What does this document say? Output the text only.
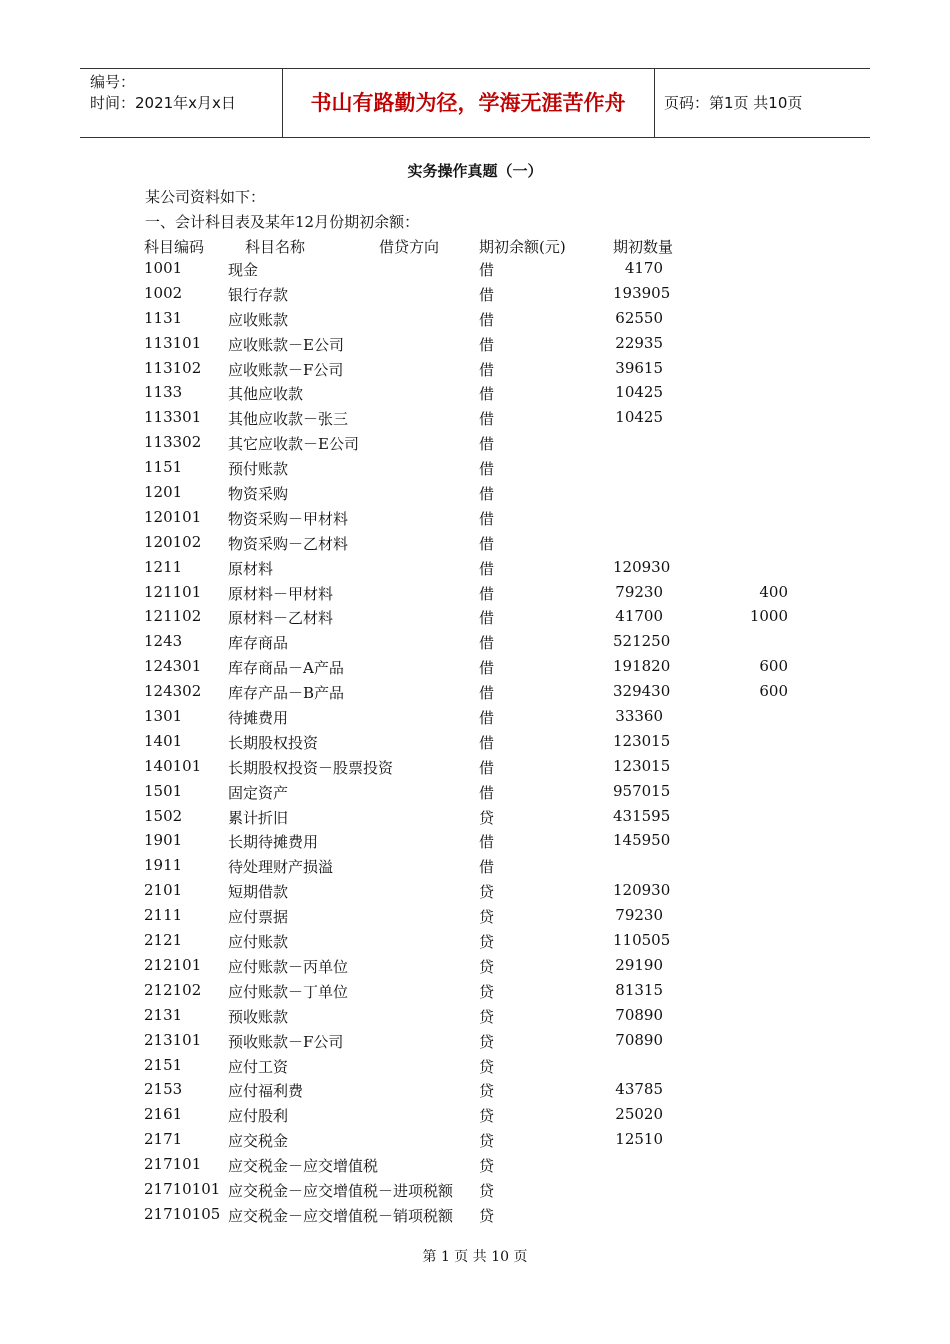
编号：
时间：2021年x月x日	书山有路勤为径，学海无涯苦作舟	页码：第1页 共10页
实务操作真题（一）
某公司资料如下：
一、会计科目表及某年12月份期初余额：
科目编码	科目名称	借贷方向	期初余额(元)	期初数量
1001	现金	借	4170
1002	银行存款	借	193905
1131	应收账款	借	62550
113101 应收账款－E公司	借	22935
113102 应收账款－F公司	借	39615
1133	其他应收款	借	10425
113301 其他应收款－张三	借	10425
113302 其它应收款－E公司	借
1151	预付账款	借
1201	物资采购	借
120101 物资采购－甲材料	借
120102 物资采购－乙材料	借
1211	原材料	借	120930
121101 原材料－甲材料	借	79230	400
121102 原材料－乙材料	借	41700	1000
1243	库存商品	借	521250
124301 库存商品－A产品	借	191820	600
124302 库存产品－B产品	借	329430	600
1301	待摊费用	借	33360
1401	长期股权投资	借	123015
140101 长期股权投资－股票投资	借	123015
1501	固定资产	借	957015
1502	累计折旧	贷	431595
1901	长期待摊费用	借	145950
1911	待处理财产损溢	借
2101	短期借款	贷	120930
2111	应付票据	贷	79230
2121	应付账款	贷	110505
212101 应付账款－丙单位	贷	29190
212102 应付账款－丁单位	贷	81315
2131	预收账款	贷	70890
213101 预收账款－F公司	贷	70890
2151	应付工资	贷
2153	应付福利费	贷	43785
2161	应付股利	贷	25020
2171	应交税金	贷	12510
217101 应交税金－应交增值税	贷
21710101 应交税金－应交增值税－进项税额 贷
21710105 应交税金－应交增值税－销项税额 贷
第 1 页 共 10 页
